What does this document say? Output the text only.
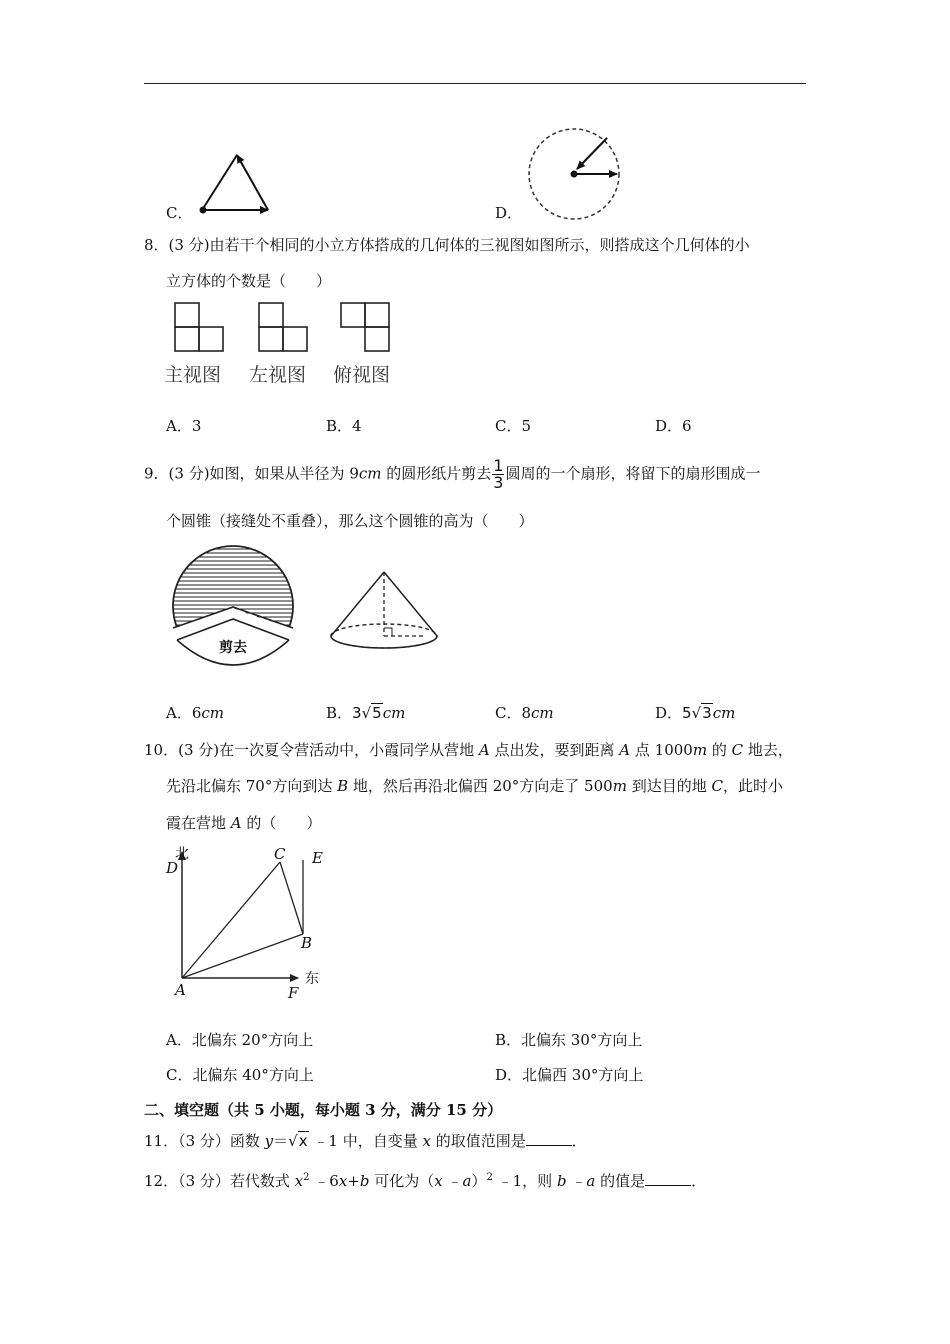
C．	D．
8．(3 分)由若干个相同的小立方体搭成的几何体的三视图如图所示，则搭成这个几何体的小
立方体的个数是（　　）
主视图 左视图 俯视图
A．3	B．4	C．5	D．6
9．(3 分)如图，如果从半径为 9cm 的圆形纸片剪去 $\frac{1}{3}$ 圆周的一个扇形，将留下的扇形围成一
个圆锥（接缝处不重叠），那么这个圆锥的高为（　　）
剪去
A．6cm	B．3√5cm	C．8cm	D．5√3cm
10．(3 分)在一次夏令营活动中，小霞同学从营地 A 点出发，要到距离 A 点 1000m 的 C 地去，
先沿北偏东 70°方向到达 B 地，然后再沿北偏西 20°方向走了 500m 到达目的地 C，此时小
霞在营地 A 的（　　）
北
D
C E
B
A	F
东
A．北偏东 20°方向上	B．北偏东 30°方向上
C．北偏东 40°方向上	D．北偏西 30°方向上
二、填空题（共 5 小题，每小题 3 分，满分 15 分）
11．（3 分）函数 y＝√x ﹣1 中，自变量 x 的取值范围是	．
12．（3 分）若代数式 $x^2$ ﹣6x+b 可化为（x ﹣a）$^2$ ﹣1，则 b ﹣a 的值是	．
